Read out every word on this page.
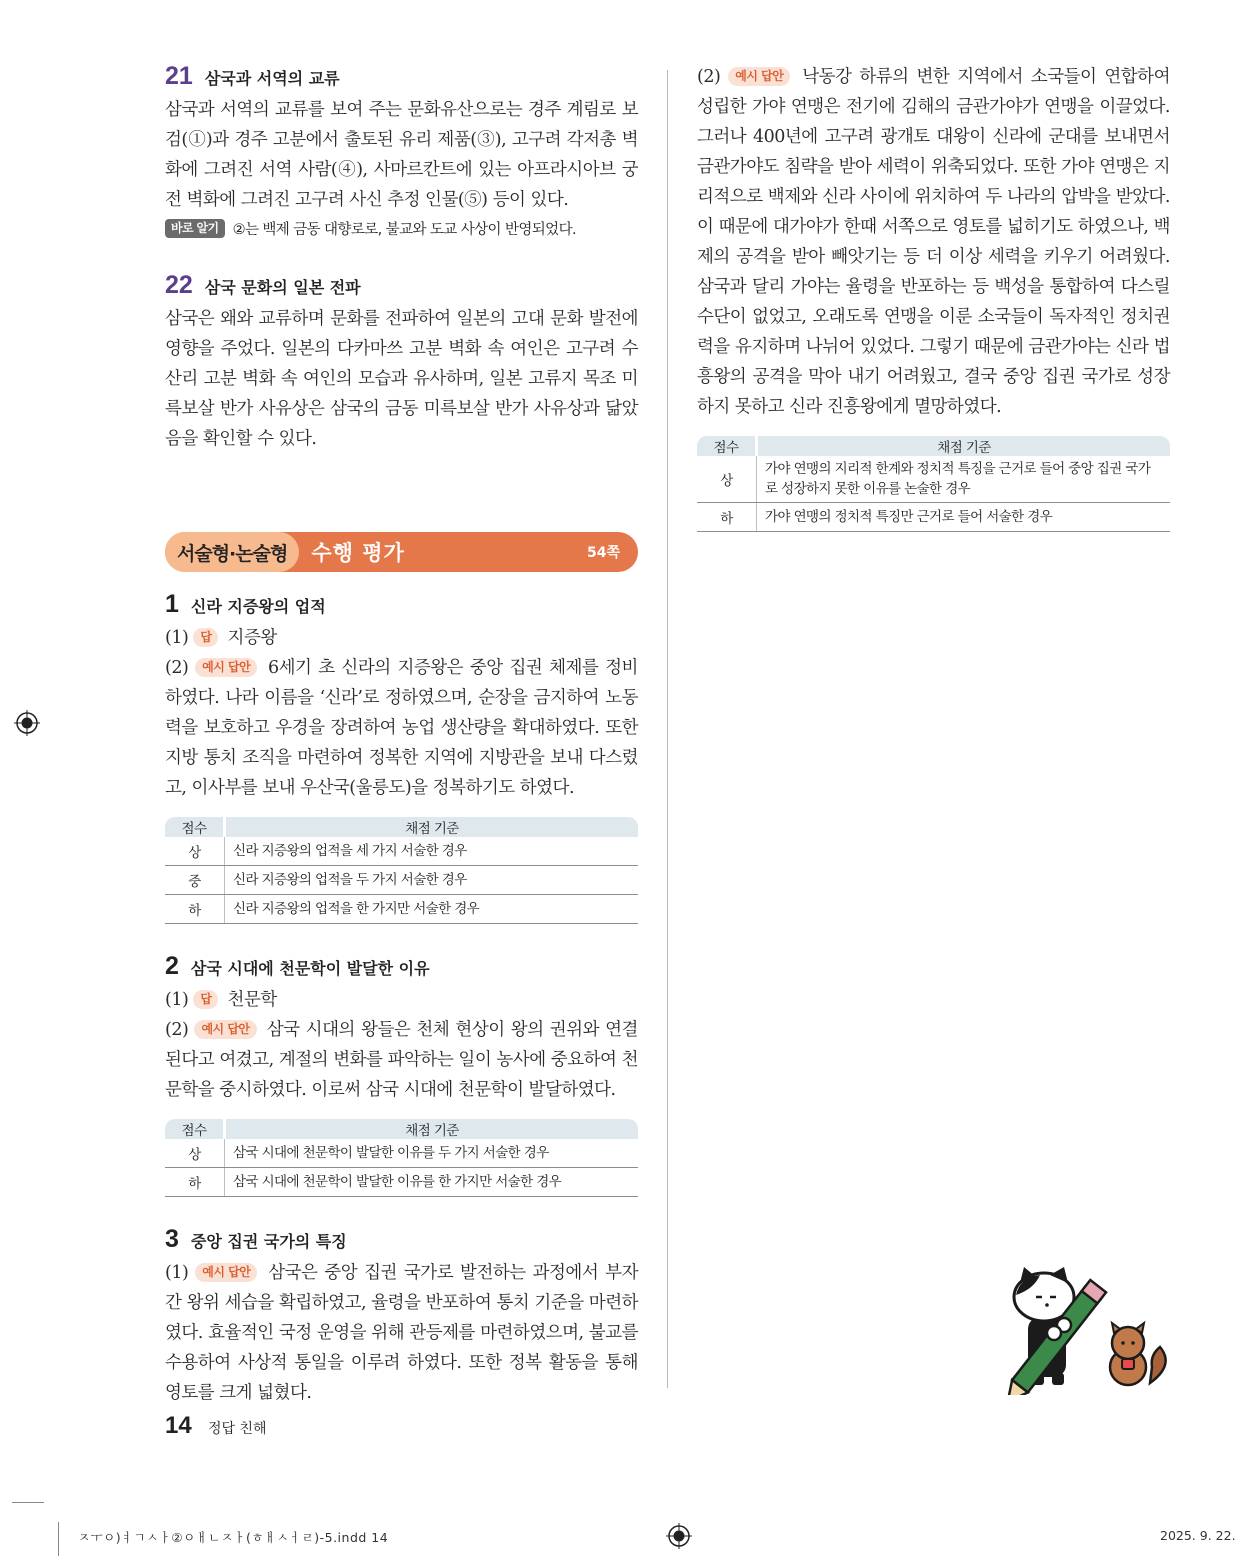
21 삼국과 서역의 교류

삼국과 서역의 교류를 보여 주는 문화유산으로는 경주 계림로 보검(①)과 경주 고분에서 출토된 유리 제품(③), 고구려 각저총 벽화에 그려진 서역 사람(④), 사마르칸트에 있는 아프라시아브 궁전 벽화에 그려진 고구려 사신 추정 인물(⑤) 등이 있다.

바로 알기 ②는 백제 금동 대향로로, 불교와 도교 사상이 반영되었다.
22 삼국 문화의 일본 전파

삼국은 왜와 교류하며 문화를 전파하여 일본의 고대 문화 발전에 영향을 주었다. 일본의 다카마쓰 고분 벽화 속 여인은 고구려 수산리 고분 벽화 속 여인의 모습과 유사하며, 일본 고류지 목조 미륵보살 반가 사유상은 삼국의 금동 미륵보살 반가 사유상과 닮았음을 확인할 수 있다.

서술형·논술형	수행 평가	54쪽
1 신라 지증왕의 업적

(1) 답 지증왕

(2) 예시 답안 6세기 초 신라의 지증왕은 중앙 집권 체제를 정비하였다. 나라 이름을 ‘신라’로 정하였으며, 순장을 금지하여 노동력을 보호하고 우경을 장려하여 농업 생산량을 확대하였다. 또한 지방 통치 조직을 마련하여 정복한 지역에 지방관을 보내 다스렸고, 이사부를 보내 우산국(울릉도)을 정복하기도 하였다.

점수	채점 기준
상	신라 지증왕의 업적을 세 가지 서술한 경우
중	신라 지증왕의 업적을 두 가지 서술한 경우
하	신라 지증왕의 업적을 한 가지만 서술한 경우
2 삼국 시대에 천문학이 발달한 이유

(1) 답 천문학

(2) 예시 답안 삼국 시대의 왕들은 천체 현상이 왕의 권위와 연결된다고 여겼고, 계절의 변화를 파악하는 일이 농사에 중요하여 천문학을 중시하였다. 이로써 삼국 시대에 천문학이 발달하였다.

점수	채점 기준
상	삼국 시대에 천문학이 발달한 이유를 두 가지 서술한 경우
하	삼국 시대에 천문학이 발달한 이유를 한 가지만 서술한 경우
3 중앙 집권 국가의 특징

(1) 예시 답안 삼국은 중앙 집권 국가로 발전하는 과정에서 부자 간 왕위 세습을 확립하였고, 율령을 반포하여 통치 기준을 마련하였다. 효율적인 국정 운영을 위해 관등제를 마련하였으며, 불교를 수용하여 사상적 통일을 이루려 하였다. 또한 정복 활동을 통해 영토를 크게 넓혔다.

(2) 예시 답안 낙동강 하류의 변한 지역에서 소국들이 연합하여 성립한 가야 연맹은 전기에 김해의 금관가야가 연맹을 이끌었다. 그러나 400년에 고구려 광개토 대왕이 신라에 군대를 보내면서 금관가야도 침략을 받아 세력이 위축되었다. 또한 가야 연맹은 지리적으로 백제와 신라 사이에 위치하여 두 나라의 압박을 받았다. 이 때문에 대가야가 한때 서쪽으로 영토를 넓히기도 하였으나, 백제의 공격을 받아 빼앗기는 등 더 이상 세력을 키우기 어려웠다. 삼국과 달리 가야는 율령을 반포하는 등 백성을 통합하여 다스릴 수단이 없었고, 오래도록 연맹을 이룬 소국들이 독자적인 정치권력을 유지하며 나뉘어 있었다. 그렇기 때문에 금관가야는 신라 법흥왕의 공격을 막아 내기 어려웠고, 결국 중앙 집권 국가로 성장하지 못하고 신라 진흥왕에게 멸망하였다.

점수	채점 기준
상	가야 연맹의 지리적 한계와 정치적 특징을 근거로 들어 중앙 집권 국가로 성장하지 못한 이유를 논술한 경우
하	가야 연맹의 정치적 특징만 근거로 들어 서술한 경우
14 정답 친해
ㅈㅜㅇ)ㅕㄱㅅㅏ②ㅇㅐㄴㅈㅏ(ㅎㅐㅅㅓㄹ)-5.indd 14	2025. 9. 22.
